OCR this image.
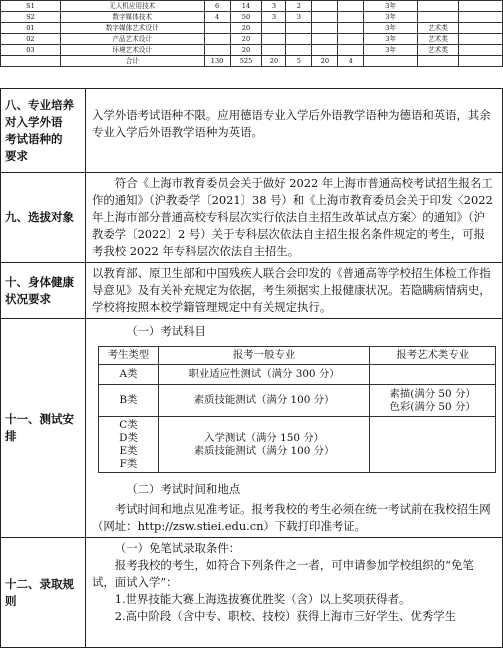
S1	无人机应用技术	6	14	3	2			3年		
S2	数字媒体技术	4	50	3	3			3年		
01	数字媒体艺术设计		20					3年	艺术类	
02	产品艺术设计		20					3年	艺术类	
03	环境艺术设计		20					3年	艺术类	
	合计	130	525	20	5	20	4			
八、专业培养
对入学外语
考试语种的
要求

入学外语考试语种不限。应用德语专业入学后外语教学语种为德语和英语，其余专业入学后外语教学语种为英语。

九、选拔对象

符合《上海市教育委员会关于做好 2022 年上海市普通高校考试招生报名工作的通知》（沪教委学〔2021〕38 号）和《上海市教育委员会关于印发〈2022年上海市部分普通高校专科层次实行依法自主招生改革试点方案〉的通知》（沪教委学〔2022〕2 号）关于专科层次依法自主招生报名条件规定的考生，可报考我校 2022 年专科层次依法自主招生。

十、身体健康
状况要求

以教育部、原卫生部和中国残疾人联合会印发的《普通高等学校招生体检工作指导意见》及有关补充规定为依据，考生须据实上报健康状况。若隐瞒病情病史，学校将按照本校学籍管理规定中有关规定执行。

十一、测试安
排

（一）考试科目
考生类型	报考一般专业	报考艺术类专业
A类	职业适应性测试（满分 300 分）	
B类	素质技能测试（满分 100 分）	素描(满分 50 分）
色彩(满分 50 分）
C类
D类
E类
F类	入学测试（满分 150 分）
素质技能测试（满分 100 分）	
（二）考试时间和地点
考试时间和地点见准考证。报考我校的考生必须在统一考试前在我校招生网（网址：http://zsw.stiei.edu.cn）下载打印准考证。

十二、录取规
则

（一）免笔试录取条件：
报考我校的考生，如符合下列条件之一者，可申请参加学校组织的“免笔试，面试入学”：
1.世界技能大赛上海选拔赛优胜奖（含）以上奖项获得者。
2.高中阶段（含中专、职校、技校）获得上海市三好学生、优秀学生
